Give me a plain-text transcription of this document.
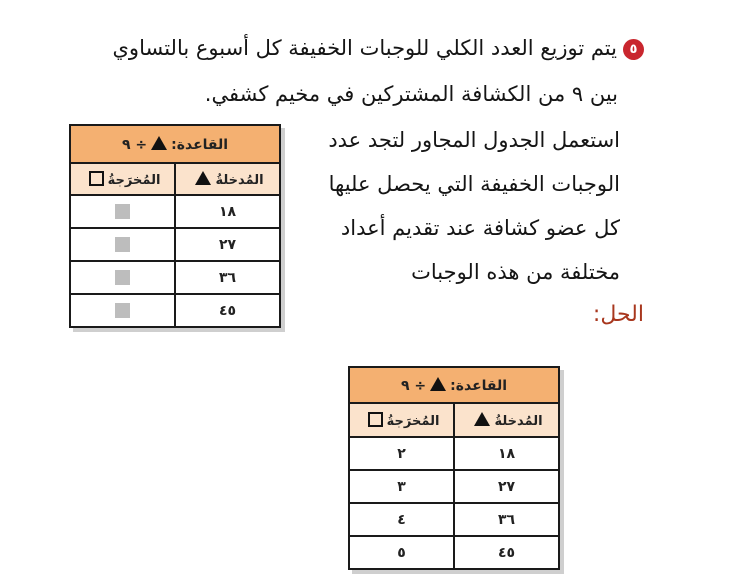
٥يتم توزيع العدد الكلي للوجبات الخفيفة كل أسبوع بالتساوي
بين ٩ من الكشافة المشتركين في مخيم كشفي.
استعمل الجدول المجاور لتجد عدد
الوجبات الخفيفة التي يحصل عليها
كل عضو كشافة عند تقديم أعداد
مختلفة من هذه الوجبات
الحل:
القاعدة:÷ ٩	
المُدخلةُ	المُخرَجةُ
١٨	
٢٧	
٣٦	
٤٥	
القاعدة:÷ ٩	
المُدخلةُ	المُخرَجةُ
١٨	٢
٢٧	٣
٣٦	٤
٤٥	٥
